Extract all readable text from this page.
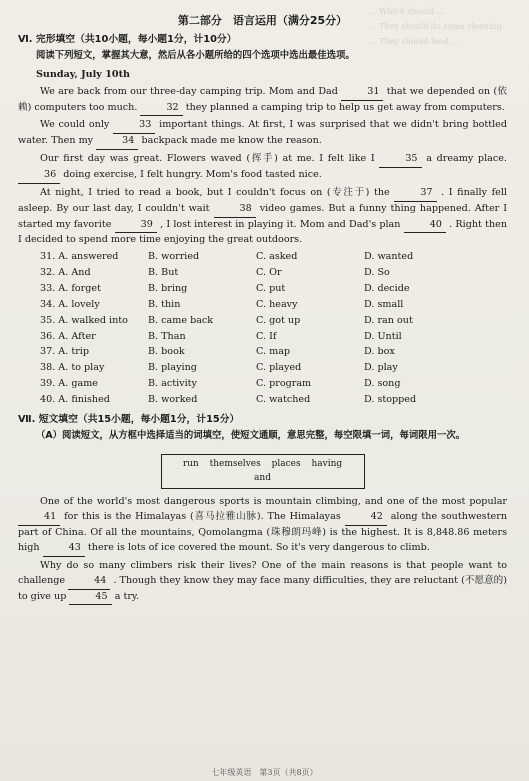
... Which should ...
... They should do some cleaning.
... They should feed ...
第二部分　语言运用（满分25分）
Ⅵ. 完形填空（共10小题，每小题1分，计10分）
阅读下列短文，掌握其大意，然后从各小题所给的四个选项中选出最佳选项。
Sunday, July 10th

We are back from our three-day camping trip. Mom and Dad	31 that we depended on (依赖) computers too much.	32 they planned a camping trip to help us get away from computers.

We could only	33 important things. At first, I was surprised that we didn't bring bottled water. Then my	34 backpack made me know the reason.

Our first day was great. Flowers waved (挥手) at me. I felt like I	35 a dreamy place. 36 doing exercise, I felt hungry. Mom's food tasted nice.

At night, I tried to read a book, but I couldn't focus on (专注于) the	37 . I finally fell asleep. By our last day, I couldn't wait	38 video games. But a funny thing happened. After I started my favorite	39 , I lost interest in playing it. Mom and Dad's plan	40 . Right then I decided to spend more time enjoying the great outdoors.

31. A. answered	B. worried	C. asked	D. wanted
32. A. And	B. But	C. Or	D. So
33. A. forget	B. bring	C. put	D. decide
34. A. lovely	B. thin	C. heavy	D. small
35. A. walked into	B. came back	C. got up	D. ran out
36. A. After	B. Than	C. If	D. Until
37. A. trip	B. book	C. map	D. box
38. A. to play	B. playing	C. played	D. play
39. A. game	B. activity	C. program	D. song
40. A. finished	B. worked	C. watched	D. stopped
Ⅶ. 短文填空（共15小题，每小题1分，计15分）
（A）阅读短文，从方框中选择适当的词填空，使短文通顺，意思完整，每空限填一词，每词限用一次。
run themselves places having and

One of the world's most dangerous sports is mountain climbing, and one of the most popular 41 for this is the Himalayas (喜马拉雅山脉). The Himalayas	42 along the southwestern part of China. Of all the mountains, Qomolangma (珠穆朗玛峰) is the highest. It is 8,848.86 meters high	43 there is lots of ice covered the mount. So it's very dangerous to climb.

Why do so many climbers risk their lives? One of the main reasons is that people want to challenge	44 . Though they know they may face many difficulties, they are reluctant (不愿意的) to give up	45 a try.

七年级英语　第3页（共8页）
